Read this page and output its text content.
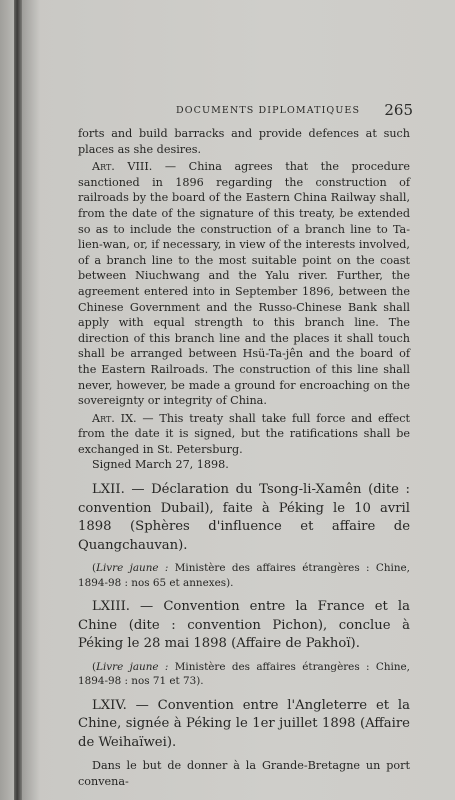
DOCUMENTS DIPLOMATIQUES 265

forts and build barracks and provide defences at such places as she desires.

Art. VIII. — China agrees that the procedure sanctioned in 1896 regarding the construction of railroads by the board of the Eastern China Railway shall, from the date of the signature of this treaty, be extended so as to include the construction of a branch line to Ta-lien-wan, or, if necessary, in view of the interests involved, of a branch line to the most suitable point on the coast between Niuchwang and the Yalu river. Further, the agreement entered into in September 1896, between the Chinese Government and the Russo-Chinese Bank shall apply with equal strength to this branch line. The direction of this branch line and the places it shall touch shall be arranged between Hsü-Ta-jên and the board of the Eastern Railroads. The construction of this line shall never, however, be made a ground for encroaching on the sovereignty or integrity of China.

Art. IX. — This treaty shall take full force and effect from the date it is signed, but the ratifications shall be exchanged in St. Petersburg.

Signed March 27, 1898.

LXII. — Déclaration du Tsong-li-Xamên (dite : convention Dubail), faite à Péking le 10 avril 1898 (Sphères d'influence et affaire de Quangchauvan).

(Livre jaune : Ministère des affaires étrangères : Chine, 1894-98 : nos 65 et annexes).

LXIII. — Convention entre la France et la Chine (dite : convention Pichon), conclue à Péking le 28 mai 1898 (Affaire de Pakhoï).

(Livre jaune : Ministère des affaires étrangères : Chine, 1894-98 : nos 71 et 73).

LXIV. — Convention entre l'Angleterre et la Chine, signée à Péking le 1er juillet 1898 (Affaire de Weihaïwei).

Dans le but de donner à la Grande-Bretagne un port convena-
